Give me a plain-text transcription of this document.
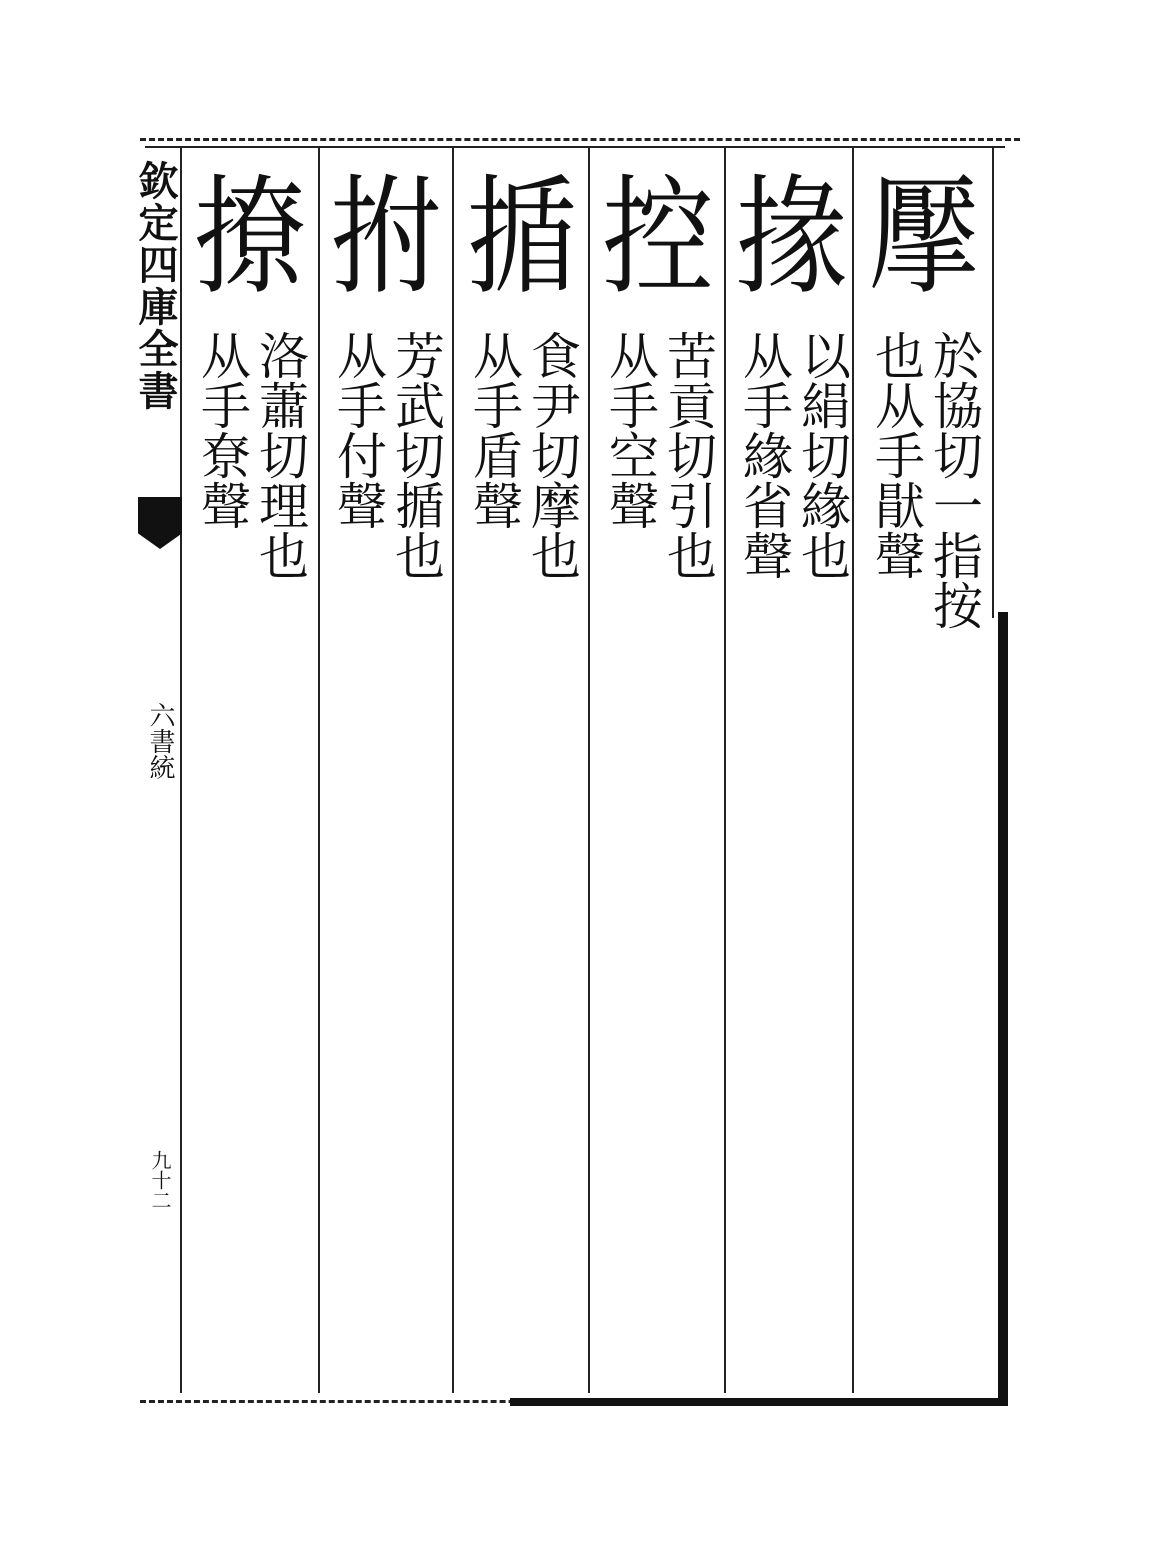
欽定四庫全書
六書統
九十二
擪
於協切一指按
也从手猒聲
掾
以絹切緣也
从手緣省聲
控
苦貢切引也
从手空聲
揗
食尹切摩也
从手盾聲
拊
芳武切揗也
从手付聲
撩
洛蕭切理也
从手尞聲
